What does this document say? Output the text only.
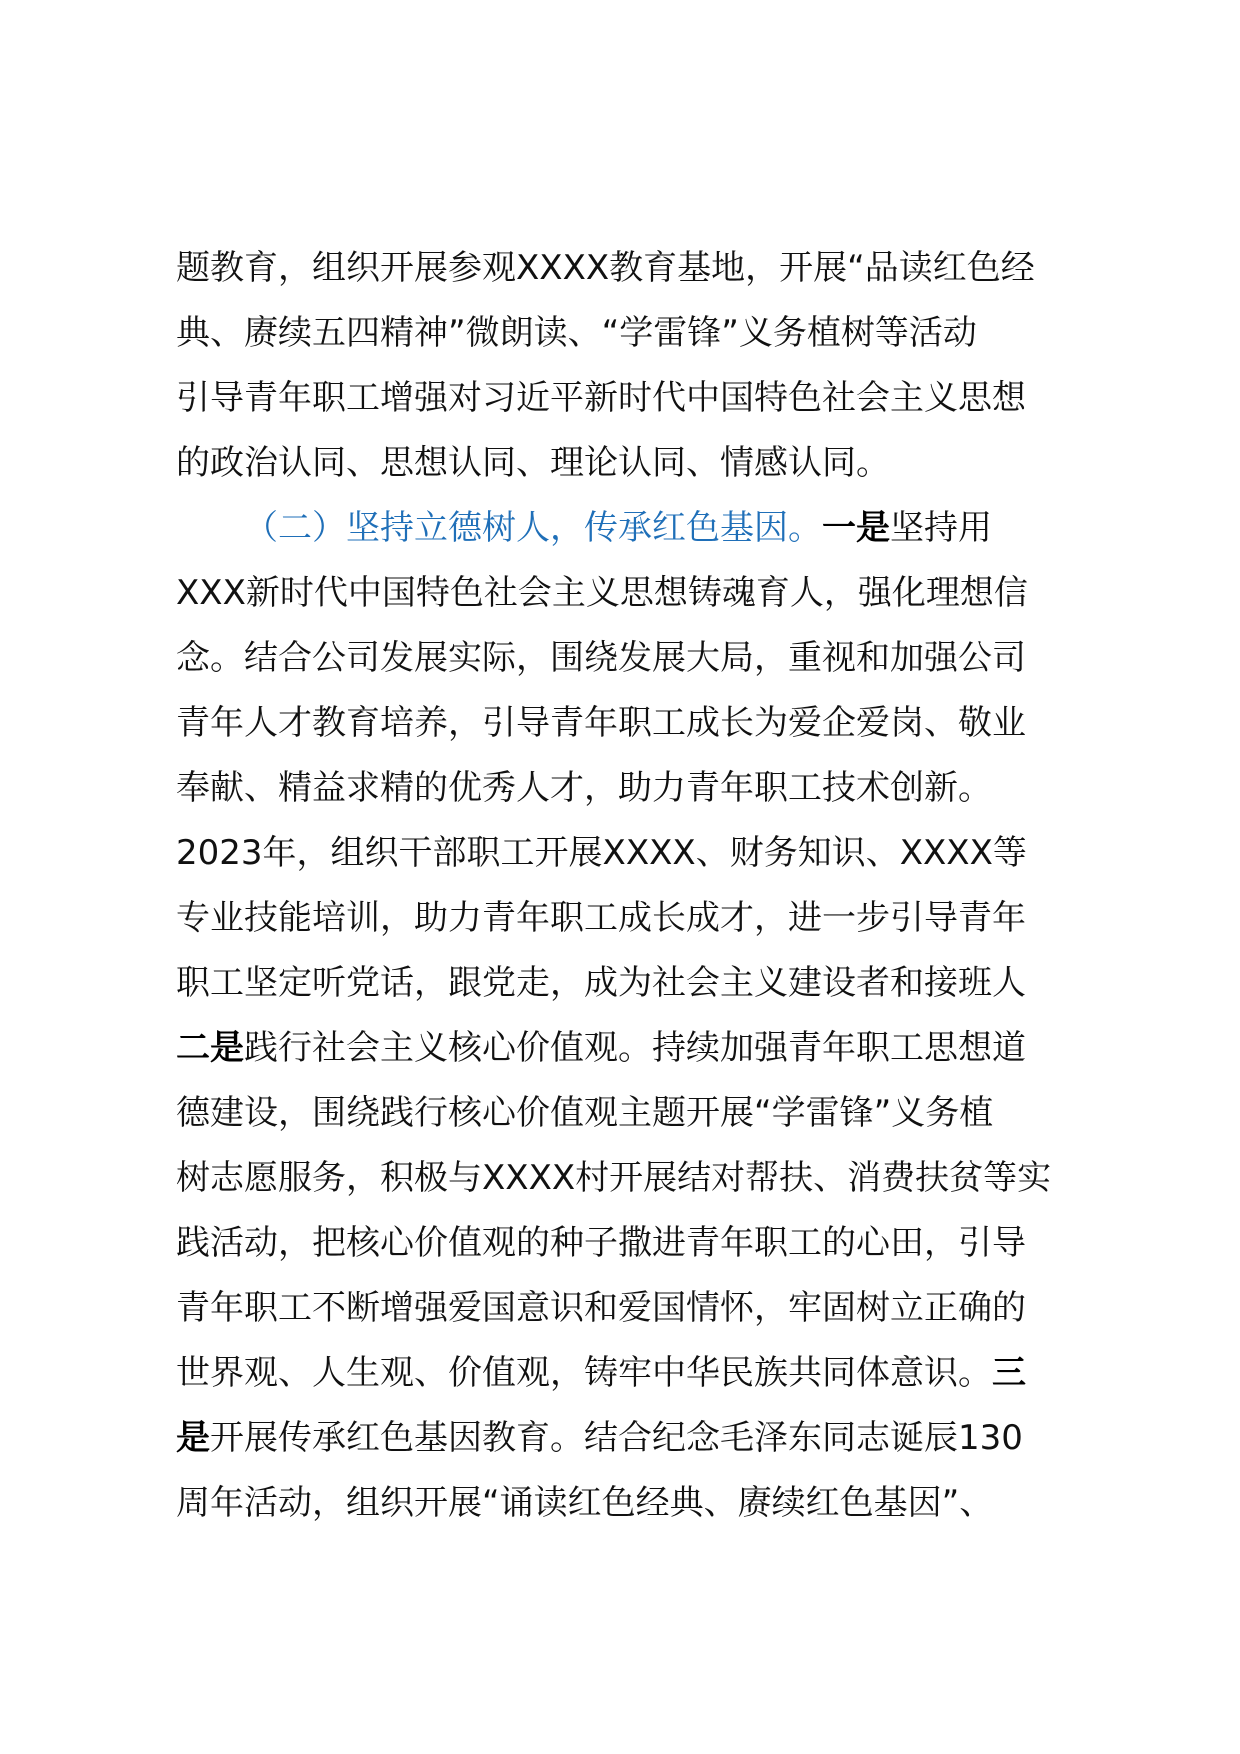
题教育，组织开展参观XXXX教育基地，开展“品读红色经
典、赓续五四精神”微朗读、“学雷锋”义务植树等活动
引导青年职工增强对习近平新时代中国特色社会主义思想
的政治认同、思想认同、理论认同、情感认同。
（二）坚持立德树人，传承红色基因。一是坚持用
XXX新时代中国特色社会主义思想铸魂育人，强化理想信
念。结合公司发展实际，围绕发展大局，重视和加强公司
青年人才教育培养，引导青年职工成长为爱企爱岗、敬业
奉献、精益求精的优秀人才，助力青年职工技术创新。
2023年，组织干部职工开展XXXX、财务知识、XXXX等
专业技能培训，助力青年职工成长成才，进一步引导青年
职工坚定听党话，跟党走，成为社会主义建设者和接班人
二是践行社会主义核心价值观。持续加强青年职工思想道
德建设，围绕践行核心价值观主题开展“学雷锋”义务植
树志愿服务，积极与XXXX村开展结对帮扶、消费扶贫等实
践活动，把核心价值观的种子撒进青年职工的心田，引导
青年职工不断增强爱国意识和爱国情怀，牢固树立正确的
世界观、人生观、价值观，铸牢中华民族共同体意识。三
是开展传承红色基因教育。结合纪念毛泽东同志诞辰130
周年活动，组织开展“诵读红色经典、赓续红色基因”、
